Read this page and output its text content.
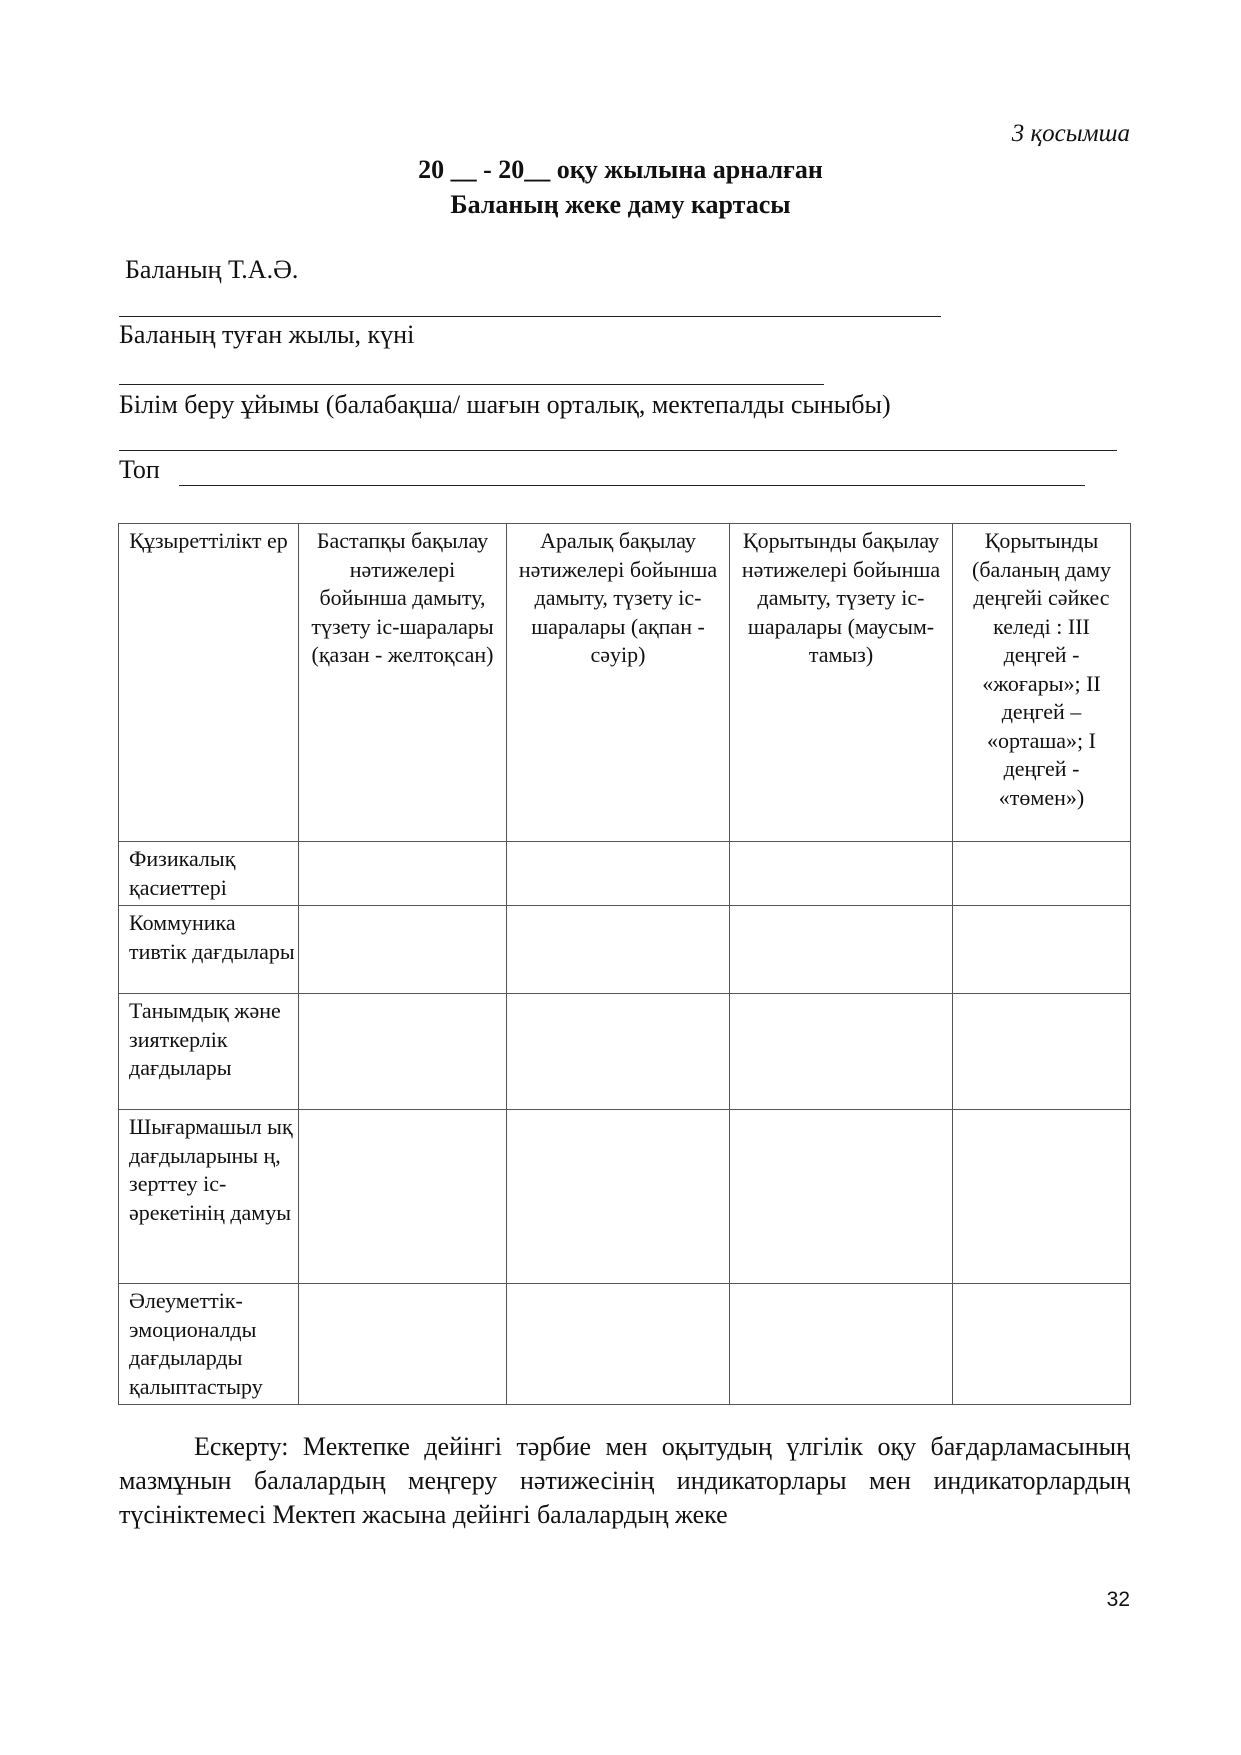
3 қосымша
20 __ - 20__ оқу жылына арналған
Баланың жеке даму картасы
Баланың Т.А.Ә.
Баланың туған жылы, күні
Білім беру ұйымы (балабақша/ шағын орталық, мектепалды сыныбы)
Топ
Құзыреттілікт ер	Бастапқы бақылау нәтижелері бойынша дамыту, түзету іс-шаралары (қазан - желтоқсан)	Аралық бақылау нәтижелері бойынша дамыту, түзету іс-шаралары (ақпан - сәуір)	Қорытынды бақылау нәтижелері бойынша дамыту, түзету іс-шаралары (маусым- тамыз)	Қорытынды (баланың даму деңгейі сәйкес келеді : ІІІ деңгей - «жоғары»; ІІ деңгей – «орташа»; І деңгей - «төмен»)
Физикалық қасиеттері				
Коммуника тивтік дағдылары				
Танымдық және зияткерлік дағдылары				
Шығармашыл ық дағдыларыны ң, зерттеу іс-әрекетінің дамуы				
Әлеуметтік-эмоционалды дағдыларды қалыптастыру				
Ескерту: Мектепке дейінгі тәрбие мен оқытудың үлгілік оқу бағдарламасының мазмұнын балалардың меңгеру нәтижесінің индикаторлары мен индикаторлардың түсініктемесі Мектеп жасына дейінгі балалардың жеке
32
